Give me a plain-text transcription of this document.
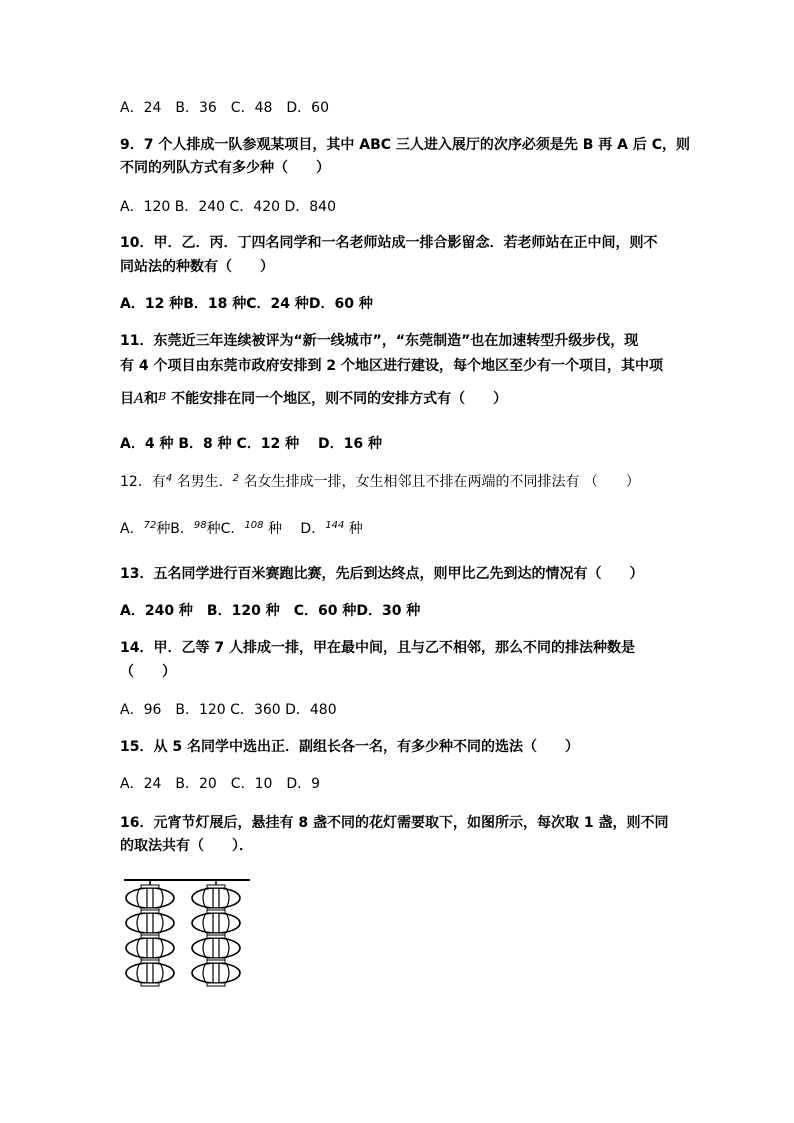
A．24　B．36　C．48　D．60

9．7 个人排成一队参观某项目，其中 ABC 三人进入展厅的次序必须是先 B 再 A 后 C，则

不同的列队方式有多少种（　　）

A．120 B．240 C．420 D．840

10．甲．乙．丙．丁四名同学和一名老师站成一排合影留念．若老师站在正中间，则不

同站法的种数有（　　）

A．12 种B．18 种C．24 种D．60 种

11．东莞近三年连续被评为“新一线城市”，“东莞制造”也在加速转型升级步伐，现

有 4 个项目由东莞市政府安排到 2 个地区进行建设，每个地区至少有一个项目，其中项

目A和$^B$ 不能安排在同一个地区，则不同的安排方式有（　　）

A．4 种 B．8 种 C．12 种　 D．16 种

12．有$^4$ 名男生．$^2$ 名女生排成一排，女生相邻且不排在两端的不同排法有 （　　）

A．$^{72}$种B．$^{98}$种C．$^{108}$ 种　 D．$^{144}$ 种

13．五名同学进行百米赛跑比赛，先后到达终点，则甲比乙先到达的情况有（　　）

A．240 种　B．120 种　C．60 种D．30 种

14．甲．乙等 7 人排成一排，甲在最中间，且与乙不相邻，那么不同的排法种数是

（　　）

A．96　B．120 C．360 D．480

15．从 5 名同学中选出正．副组长各一名，有多少种不同的选法（　　）

A．24　B．20　C．10　D．9

16．元宵节灯展后，悬挂有 8 盏不同的花灯需要取下，如图所示，每次取 1 盏，则不同

的取法共有（　　）．
